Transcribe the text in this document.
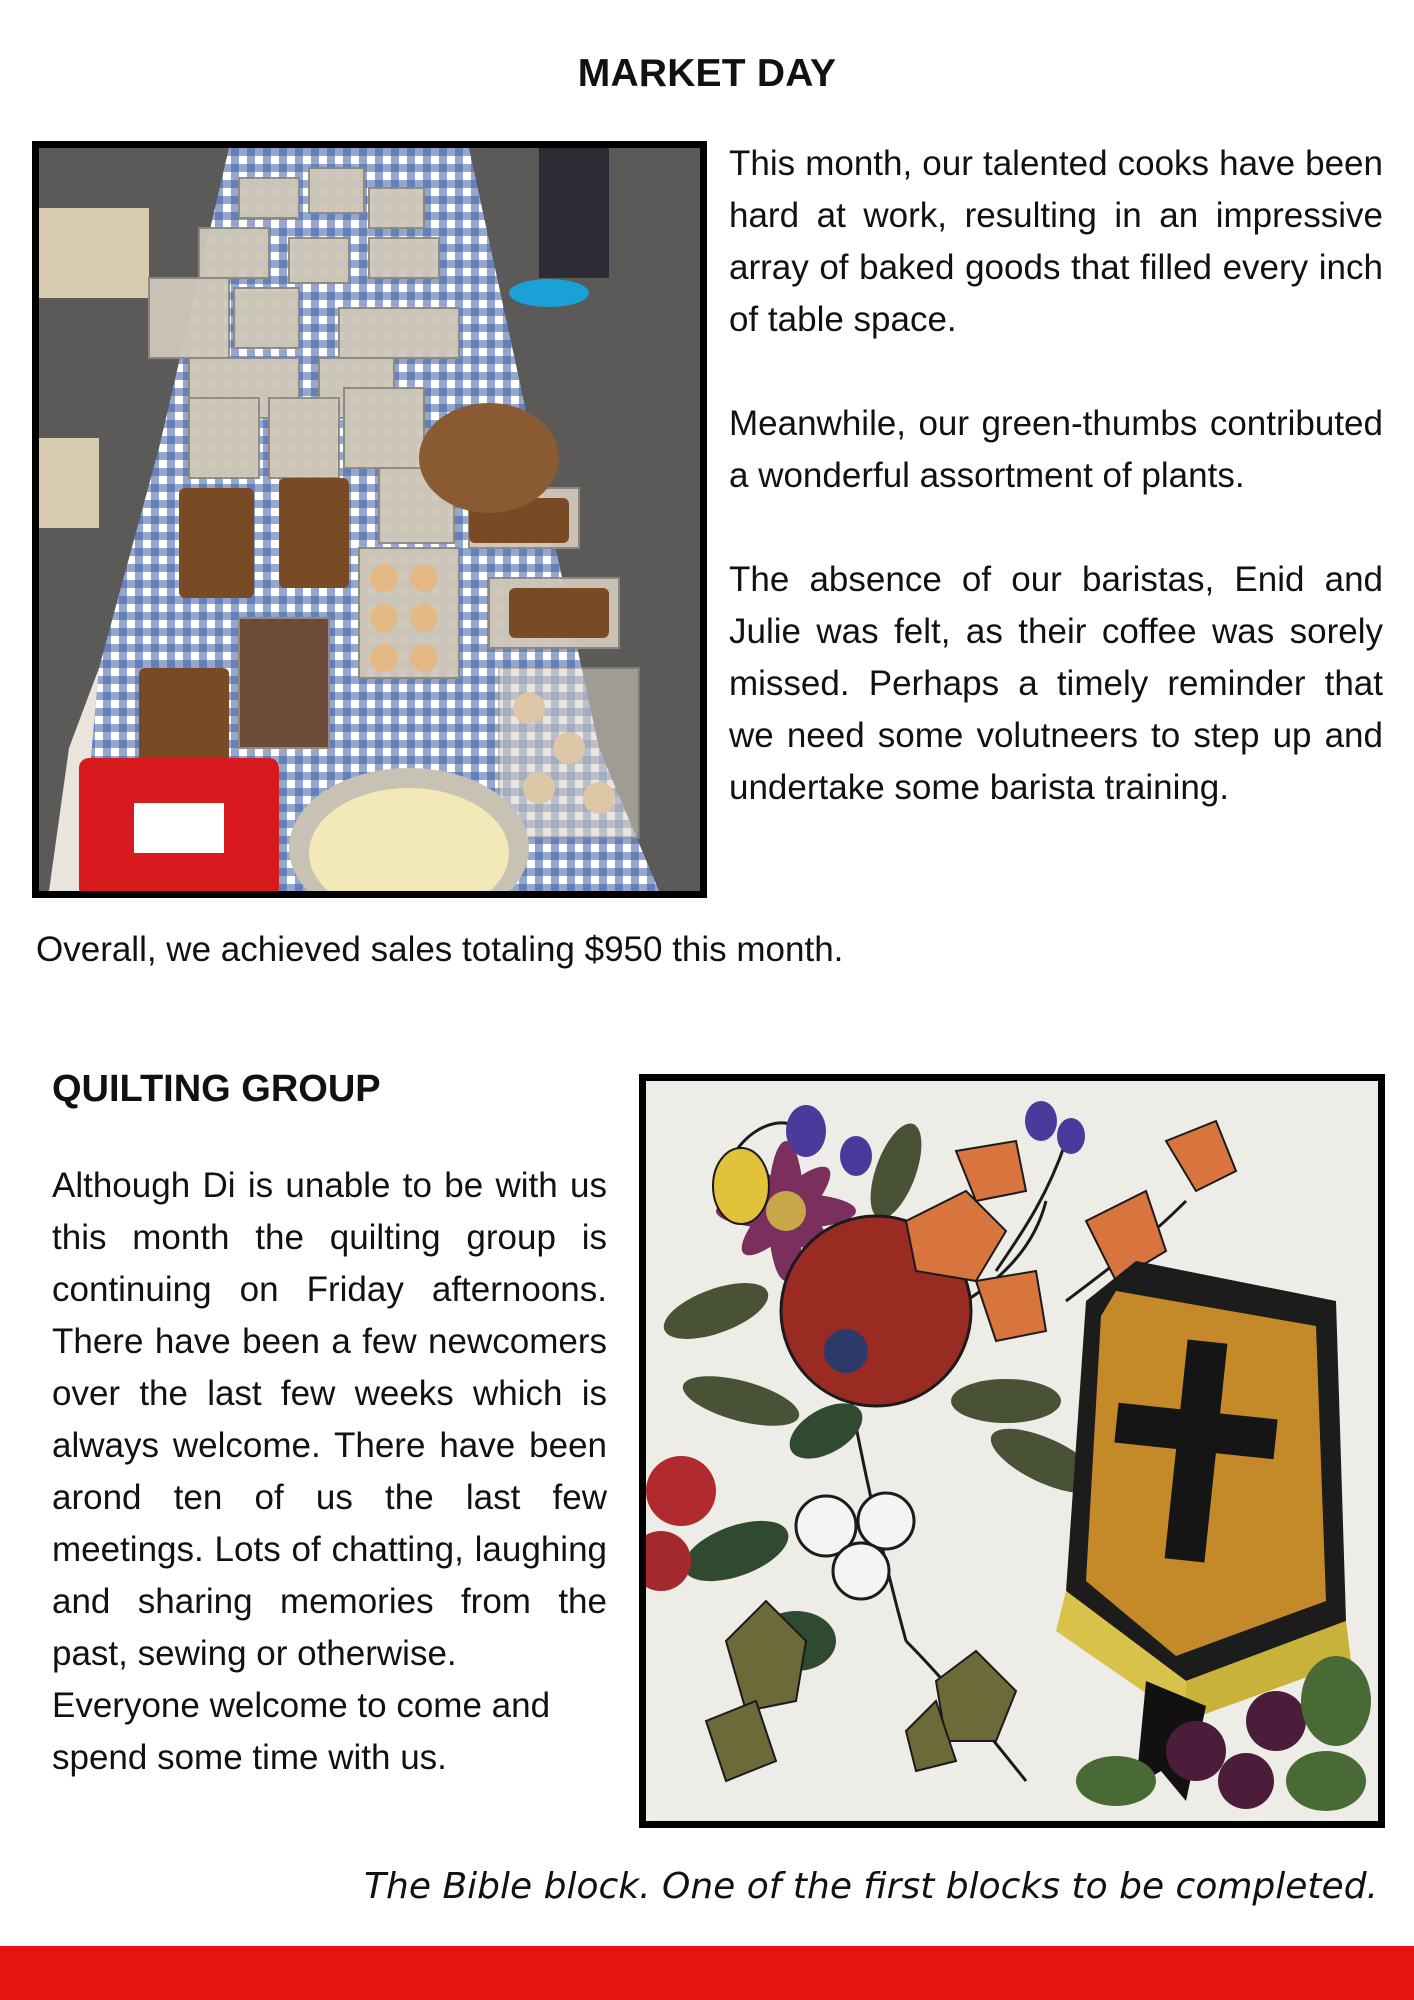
MARKET DAY

This month, our talented cooks have been hard at work, resulting in an impressive array of baked goods that filled every inch of table space.

Meanwhile, our green-thumbs contributed a wonderful assortment of plants.

The absence of our baristas, Enid and Julie was felt, as their coffee was sorely missed. Perhaps a timely reminder that we need some volutneers to step up and undertake some barista training.

Overall, we achieved sales totaling $950 this month.
QUILTING GROUP

Although Di is unable to be with us this month the quilting group is continuing on Friday afternoons. There have been a few newcomers over the last few weeks which is always welcome. There have been arond ten of us the last few meetings. Lots of chatting, laughing and sharing memories from the past, sewing or otherwise.

Everyone welcome to come and spend some time with us.

The Bible block. One of the first blocks to be completed.
